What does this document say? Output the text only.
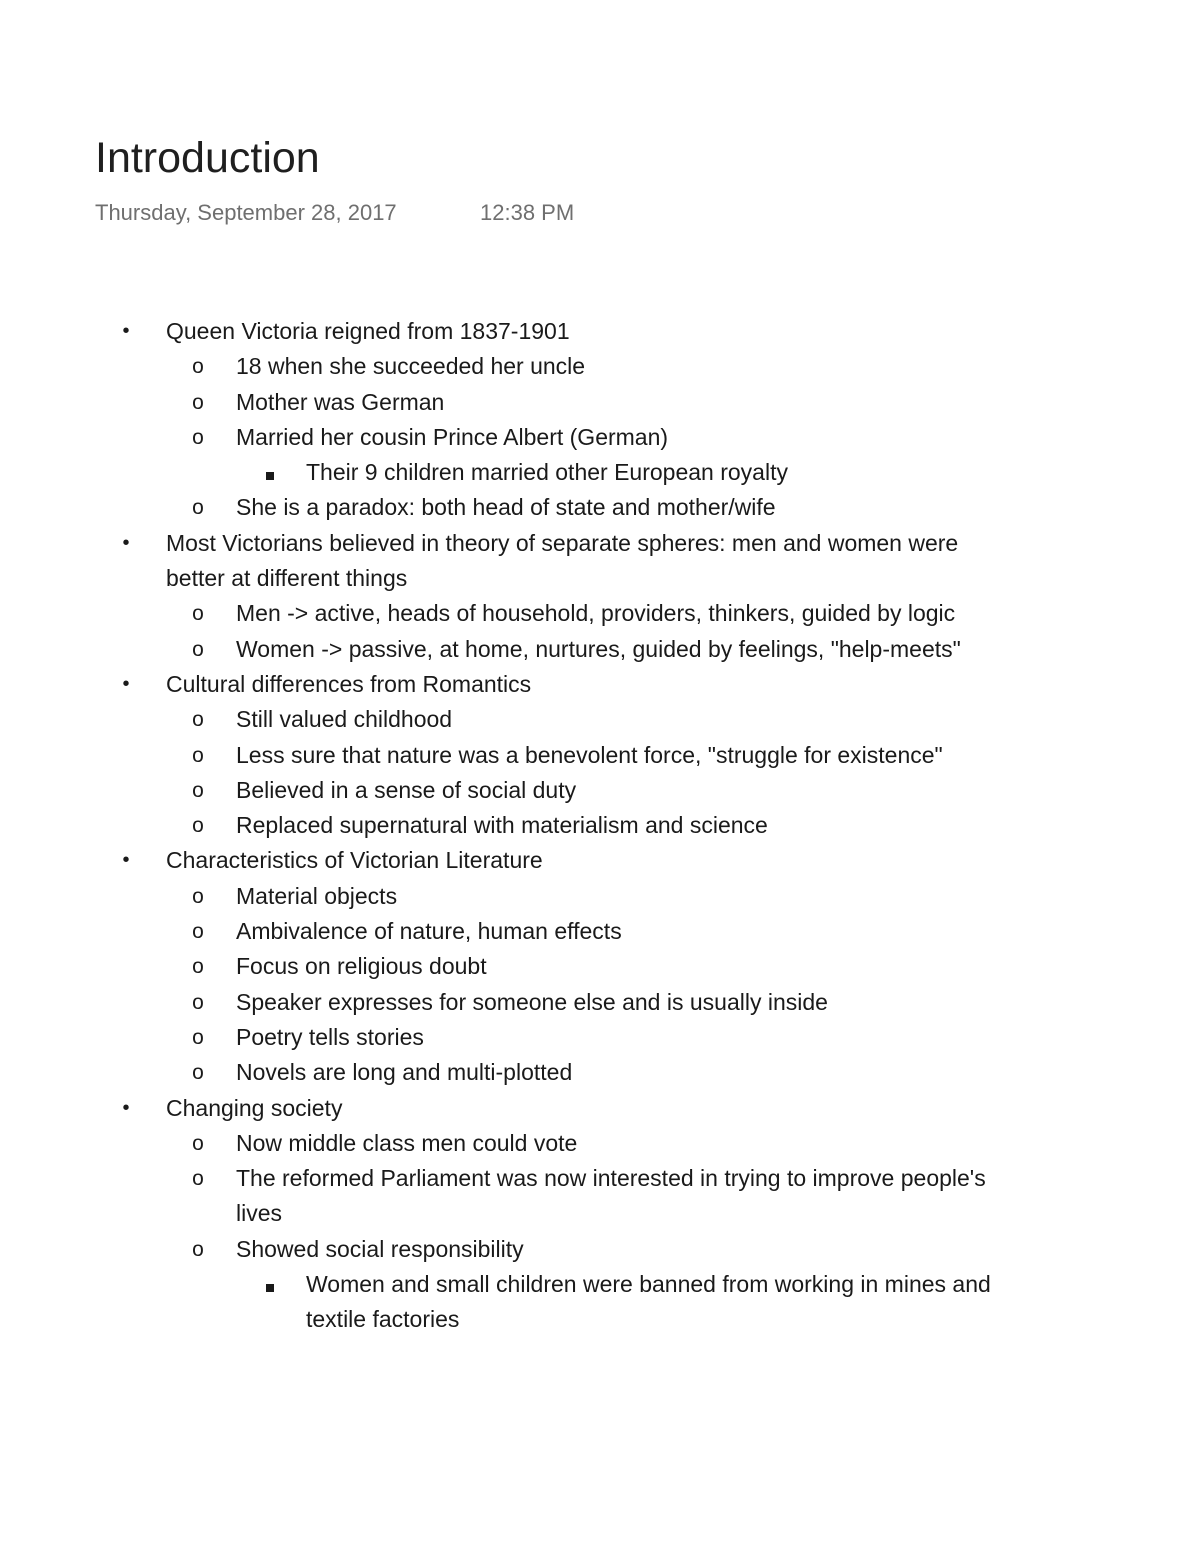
Introduction
Thursday, September 28, 2017	12:38 PM
•	Queen Victoria reigned from 1837-1901
o 18 when she succeeded her uncle
o Mother was German
o Married her cousin Prince Albert (German)
Their 9 children married other European royalty
o She is a paradox: both head of state and mother/wife
•	Most Victorians believed in theory of separate spheres: men and women were better at different things
o Men -> active, heads of household, providers, thinkers, guided by logic
o Women -> passive, at home, nurtures, guided by feelings, "help-meets"
•	Cultural differences from Romantics
o Still valued childhood
o Less sure that nature was a benevolent force, "struggle for existence"
o Believed in a sense of social duty
o Replaced supernatural with materialism and science
•	Characteristics of Victorian Literature
o Material objects
o Ambivalence of nature, human effects
o Focus on religious doubt
o Speaker expresses for someone else and is usually inside
o Poetry tells stories
o Novels are long and multi-plotted
•	Changing society
o Now middle class men could vote
o The reformed Parliament was now interested in trying to improve people's lives
o Showed social responsibility
Women and small children were banned from working in mines and textile factories
